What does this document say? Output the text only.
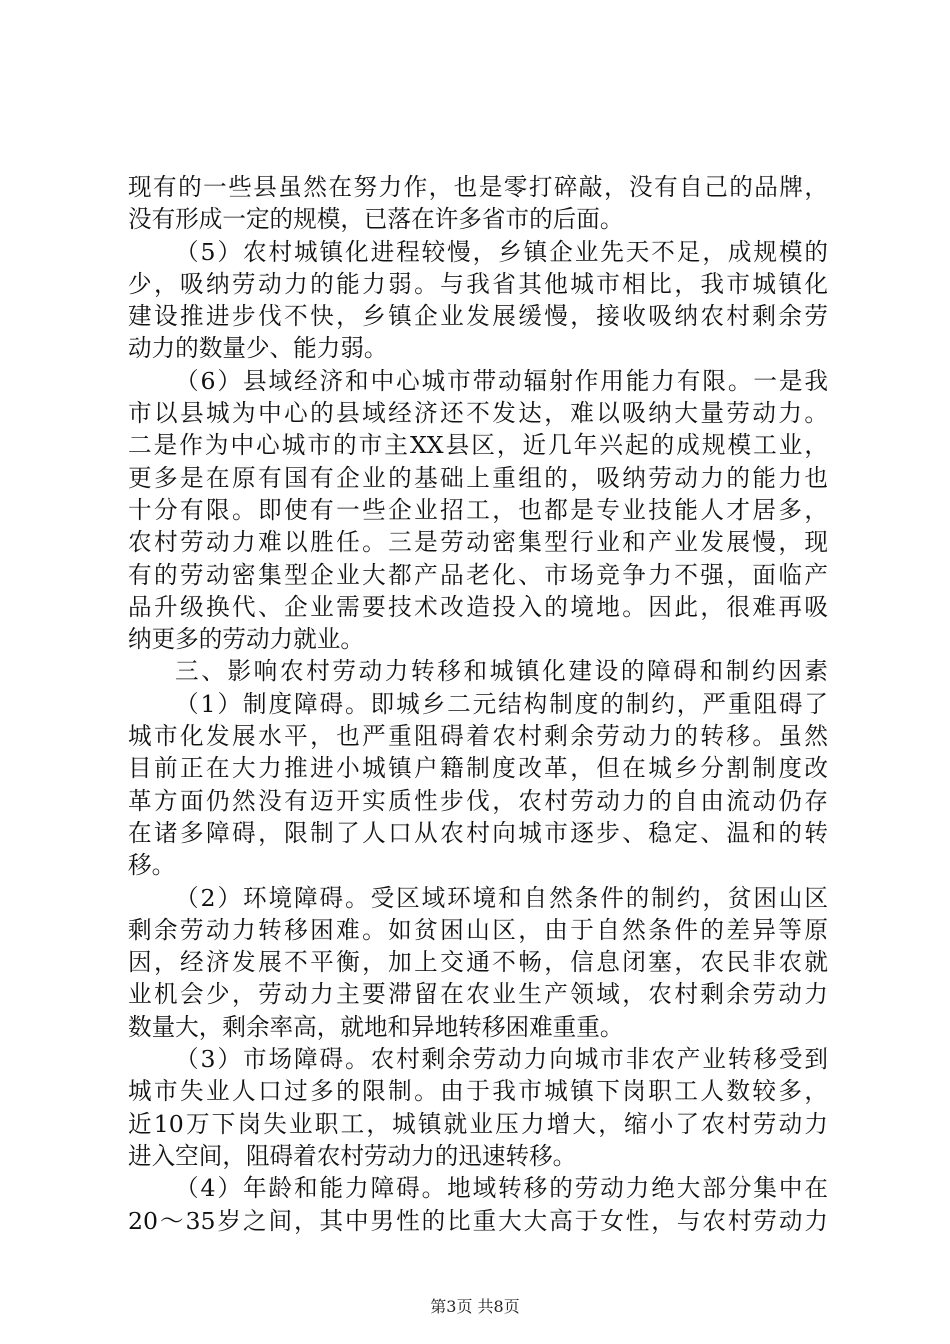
现有的一些县虽然在努力作，也是零打碎敲，没有自己的品牌，
没有形成一定的规模，已落在许多省市的后面。
（5）农村城镇化进程较慢，乡镇企业先天不足，成规模的
少，吸纳劳动力的能力弱。与我省其他城市相比，我市城镇化
建设推进步伐不快，乡镇企业发展缓慢，接收吸纳农村剩余劳
动力的数量少、能力弱。
（6）县域经济和中心城市带动辐射作用能力有限。一是我
市以县城为中心的县域经济还不发达，难以吸纳大量劳动力。
二是作为中心城市的市主XX县区，近几年兴起的成规模工业，
更多是在原有国有企业的基础上重组的，吸纳劳动力的能力也
十分有限。即使有一些企业招工，也都是专业技能人才居多，
农村劳动力难以胜任。三是劳动密集型行业和产业发展慢，现
有的劳动密集型企业大都产品老化、市场竞争力不强，面临产
品升级换代、企业需要技术改造投入的境地。因此，很难再吸
纳更多的劳动力就业。
三、影响农村劳动力转移和城镇化建设的障碍和制约因素
（1）制度障碍。即城乡二元结构制度的制约，严重阻碍了
城市化发展水平，也严重阻碍着农村剩余劳动力的转移。虽然
目前正在大力推进小城镇户籍制度改革，但在城乡分割制度改
革方面仍然没有迈开实质性步伐，农村劳动力的自由流动仍存
在诸多障碍，限制了人口从农村向城市逐步、稳定、温和的转
移。
（2）环境障碍。受区域环境和自然条件的制约，贫困山区
剩余劳动力转移困难。如贫困山区，由于自然条件的差异等原
因，经济发展不平衡，加上交通不畅，信息闭塞，农民非农就
业机会少，劳动力主要滞留在农业生产领域，农村剩余劳动力
数量大，剩余率高，就地和异地转移困难重重。
（3）市场障碍。农村剩余劳动力向城市非农产业转移受到
城市失业人口过多的限制。由于我市城镇下岗职工人数较多，
近10万下岗失业职工，城镇就业压力增大，缩小了农村劳动力
进入空间，阻碍着农村劳动力的迅速转移。
（4）年龄和能力障碍。地域转移的劳动力绝大部分集中在
20～35岁之间，其中男性的比重大大高于女性，与农村劳动力
第3页 共8页
